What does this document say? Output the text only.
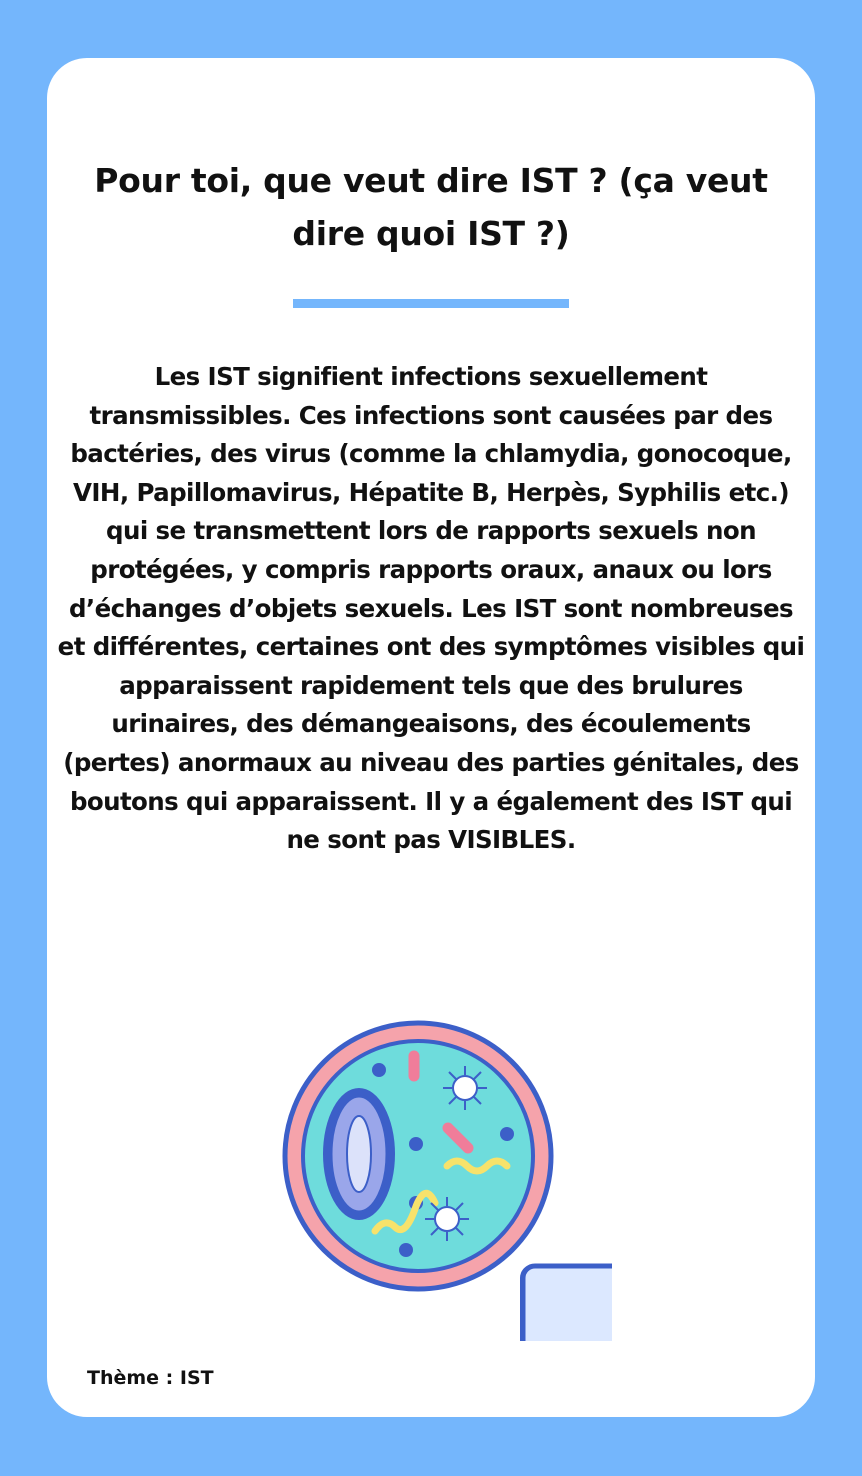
Pour toi, que veut dire IST ? (ça veut dire quoi IST ?)

Les IST signifient infections sexuellement transmissibles. Ces infections sont causées par des bactéries, des virus (comme la chlamydia, gonocoque, VIH, Papillomavirus, Hépatite B, Herpès, Syphilis etc.) qui se transmettent lors de rapports sexuels non protégées, y compris rapports oraux, anaux ou lors d’échanges d’objets sexuels. Les IST sont nombreuses et différentes, certaines ont des symptômes visibles qui apparaissent rapidement tels que des brulures urinaires, des démangeaisons, des écoulements (pertes) anormaux au niveau des parties génitales, des boutons qui apparaissent. Il y a également des IST qui ne sont pas VISIBLES.

Thème : IST
